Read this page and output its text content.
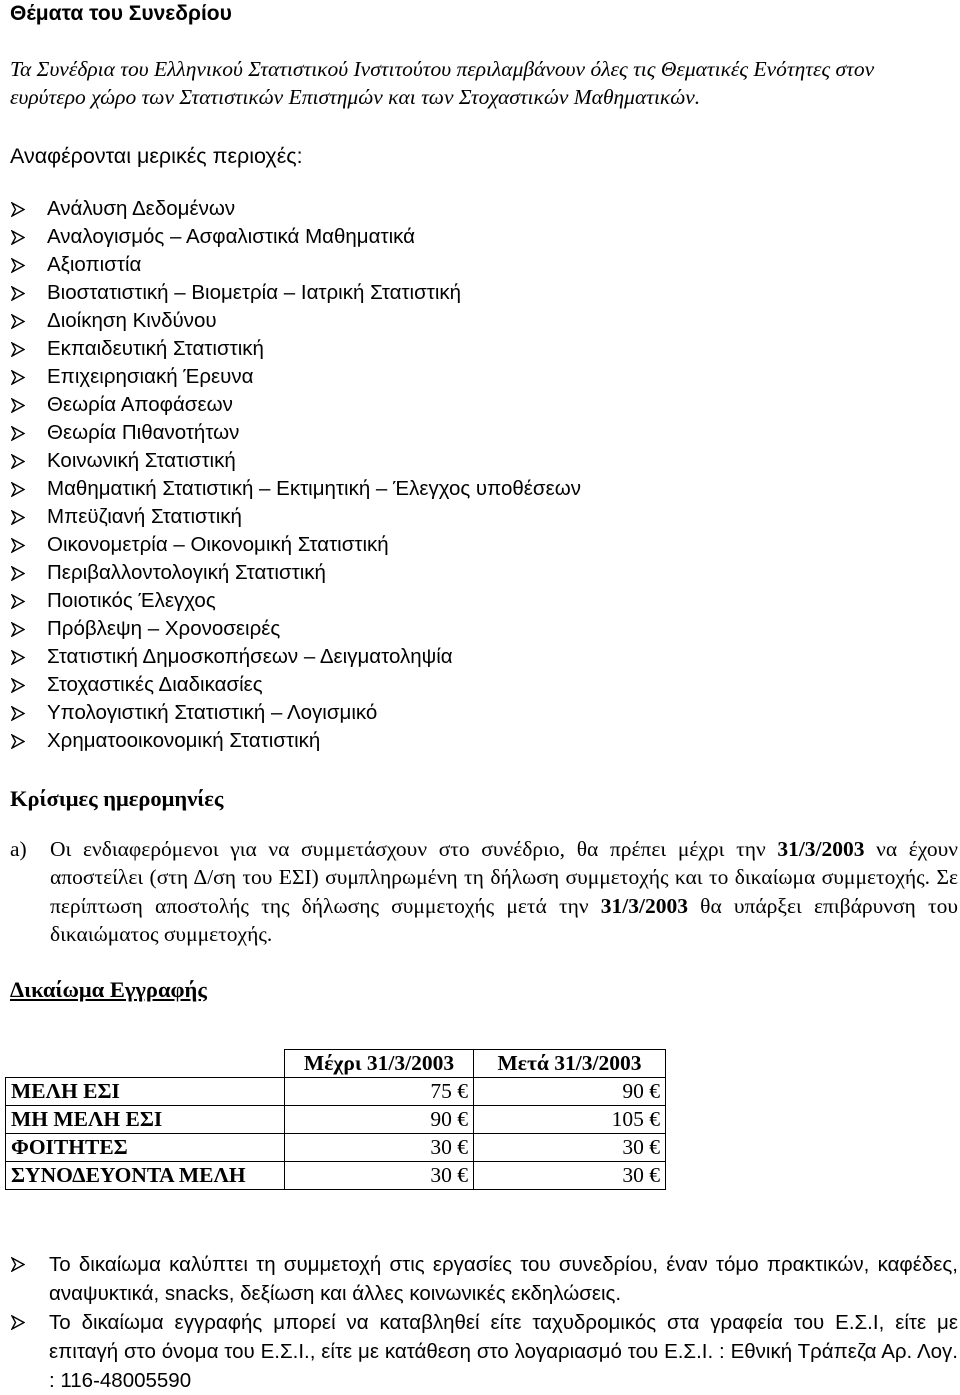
Θέματα του Συνεδρίου

Τα Συνέδρια του Ελληνικού Στατιστικού Ινστιτούτου περιλαμβάνουν όλες τις Θεματικές Ενότητες στον ευρύτερο χώρο των Στατιστικών Επιστημών και των Στοχαστικών Μαθηματικών.

Αναφέρονται μερικές περιοχές:

Ανάλυση Δεδομένων
Αναλογισμός – Ασφαλιστικά Μαθηματικά
Αξιοπιστία
Βιοστατιστική – Βιομετρία – Ιατρική Στατιστική
Διοίκηση Κινδύνου
Εκπαιδευτική Στατιστική
Επιχειρησιακή Έρευνα
Θεωρία Αποφάσεων
Θεωρία Πιθανοτήτων
Κοινωνική Στατιστική
Μαθηματική Στατιστική – Εκτιμητική – Έλεγχος υποθέσεων
Μπεϋζιανή Στατιστική
Οικονομετρία – Οικονομική Στατιστική
Περιβαλλοντολογική Στατιστική
Ποιοτικός Έλεγχος
Πρόβλεψη – Χρονοσειρές
Στατιστική Δημοσκοπήσεων – Δειγματοληψία
Στοχαστικές Διαδικασίες
Υπολογιστική Στατιστική – Λογισμικό
Χρηματοοικονομική Στατιστική
Κρίσιμες ημερομηνίες
a) Οι ενδιαφερόμενοι για να συμμετάσχουν στο συνέδριο, θα πρέπει μέχρι την 31/3/2003 να έχουν αποστείλει (στη Δ/ση του ΕΣΙ) συμπληρωμένη τη δήλωση συμμετοχής και το δικαίωμα συμμετοχής. Σε περίπτωση αποστολής της δήλωσης συμμετοχής μετά την 31/3/2003 θα υπάρξει επιβάρυνση του δικαιώματος συμμετοχής.
Δικαίωμα Εγγραφής
	Μέχρι 31/3/2003	Μετά 31/3/2003
ΜΕΛΗ ΕΣΙ	75 €	90 €
ΜΗ ΜΕΛΗ ΕΣΙ	90 €	105 €
ΦΟΙΤΗΤΕΣ	30 €	30 €
ΣΥΝΟΔΕΥΟΝΤΑ ΜΕΛΗ	30 €	30 €
Το δικαίωμα καλύπτει τη συμμετοχή στις εργασίες του συνεδρίου, έναν τόμο πρακτικών, καφέδες, αναψυκτικά, snacks, δεξίωση και άλλες κοινωνικές εκδηλώσεις.
Το δικαίωμα εγγραφής μπορεί να καταβληθεί είτε ταχυδρομικός στα γραφεία του Ε.Σ.Ι, είτε με επιταγή στο όνομα του Ε.Σ.Ι., είτε με κατάθεση στο λογαριασμό του Ε.Σ.Ι. : Εθνική Τράπεζα Αρ. Λογ. : 116-48005590
